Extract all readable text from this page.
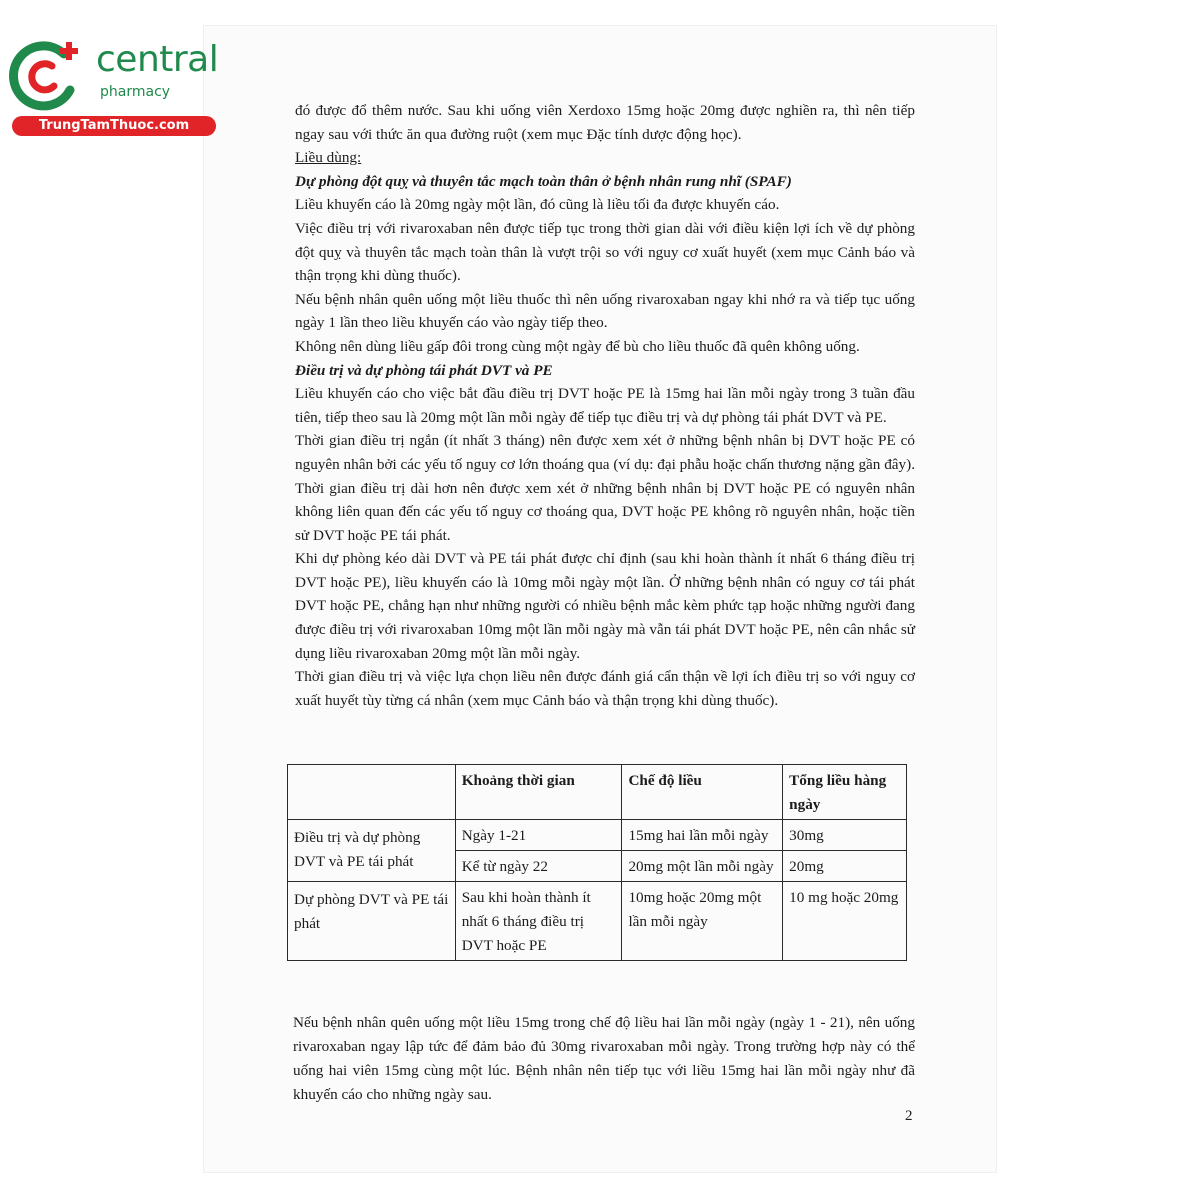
central
pharmacy
TrungTamThuoc.com

đó được đổ thêm nước. Sau khi uống viên Xerdoxo 15mg hoặc 20mg được nghiền ra, thì nên tiếp ngay sau với thức ăn qua đường ruột (xem mục Đặc tính dược động học).

Liều dùng:

Dự phòng đột quỵ và thuyên tắc mạch toàn thân ở bệnh nhân rung nhĩ (SPAF)

Liều khuyến cáo là 20mg ngày một lần, đó cũng là liều tối đa được khuyến cáo.

Việc điều trị với rivaroxaban nên được tiếp tục trong thời gian dài với điều kiện lợi ích về dự phòng đột quỵ và thuyên tắc mạch toàn thân là vượt trội so với nguy cơ xuất huyết (xem mục Cảnh báo và thận trọng khi dùng thuốc).

Nếu bệnh nhân quên uống một liều thuốc thì nên uống rivaroxaban ngay khi nhớ ra và tiếp tục uống ngày 1 lần theo liều khuyến cáo vào ngày tiếp theo.

Không nên dùng liều gấp đôi trong cùng một ngày để bù cho liều thuốc đã quên không uống.

Điều trị và dự phòng tái phát DVT và PE

Liều khuyến cáo cho việc bắt đầu điều trị DVT hoặc PE là 15mg hai lần mỗi ngày trong 3 tuần đầu tiên, tiếp theo sau là 20mg một lần mỗi ngày để tiếp tục điều trị và dự phòng tái phát DVT và PE.

Thời gian điều trị ngắn (ít nhất 3 tháng) nên được xem xét ở những bệnh nhân bị DVT hoặc PE có nguyên nhân bởi các yếu tố nguy cơ lớn thoáng qua (ví dụ: đại phẫu hoặc chấn thương nặng gần đây). Thời gian điều trị dài hơn nên được xem xét ở những bệnh nhân bị DVT hoặc PE có nguyên nhân không liên quan đến các yếu tố nguy cơ thoáng qua, DVT hoặc PE không rõ nguyên nhân, hoặc tiền sử DVT hoặc PE tái phát.

Khi dự phòng kéo dài DVT và PE tái phát được chỉ định (sau khi hoàn thành ít nhất 6 tháng điều trị DVT hoặc PE), liều khuyến cáo là 10mg mỗi ngày một lần. Ở những bệnh nhân có nguy cơ tái phát DVT hoặc PE, chẳng hạn như những người có nhiều bệnh mắc kèm phức tạp hoặc những người đang được điều trị với rivaroxaban 10mg một lần mỗi ngày mà vẫn tái phát DVT hoặc PE, nên cân nhắc sử dụng liều rivaroxaban 20mg một lần mỗi ngày.

Thời gian điều trị và việc lựa chọn liều nên được đánh giá cẩn thận về lợi ích điều trị so với nguy cơ xuất huyết tùy từng cá nhân (xem mục Cảnh báo và thận trọng khi dùng thuốc).

	Khoảng thời gian	Chế độ liều	Tổng liều hàng ngày
Điều trị và dự phòng DVT và PE tái phát	Ngày 1-21	15mg hai lần mỗi ngày	30mg
	Kể từ ngày 22	20mg một lần mỗi ngày	20mg
Dự phòng DVT và PE tái phát	Sau khi hoàn thành ít nhất 6 tháng điều trị DVT hoặc PE	10mg hoặc 20mg một lần mỗi ngày	10 mg hoặc 20mg

Nếu bệnh nhân quên uống một liều 15mg trong chế độ liều hai lần mỗi ngày (ngày 1 - 21), nên uống rivaroxaban ngay lập tức để đảm bảo đủ 30mg rivaroxaban mỗi ngày. Trong trường hợp này có thể uống hai viên 15mg cùng một lúc. Bệnh nhân nên tiếp tục với liều 15mg hai lần mỗi ngày như đã khuyến cáo cho những ngày sau.

2
